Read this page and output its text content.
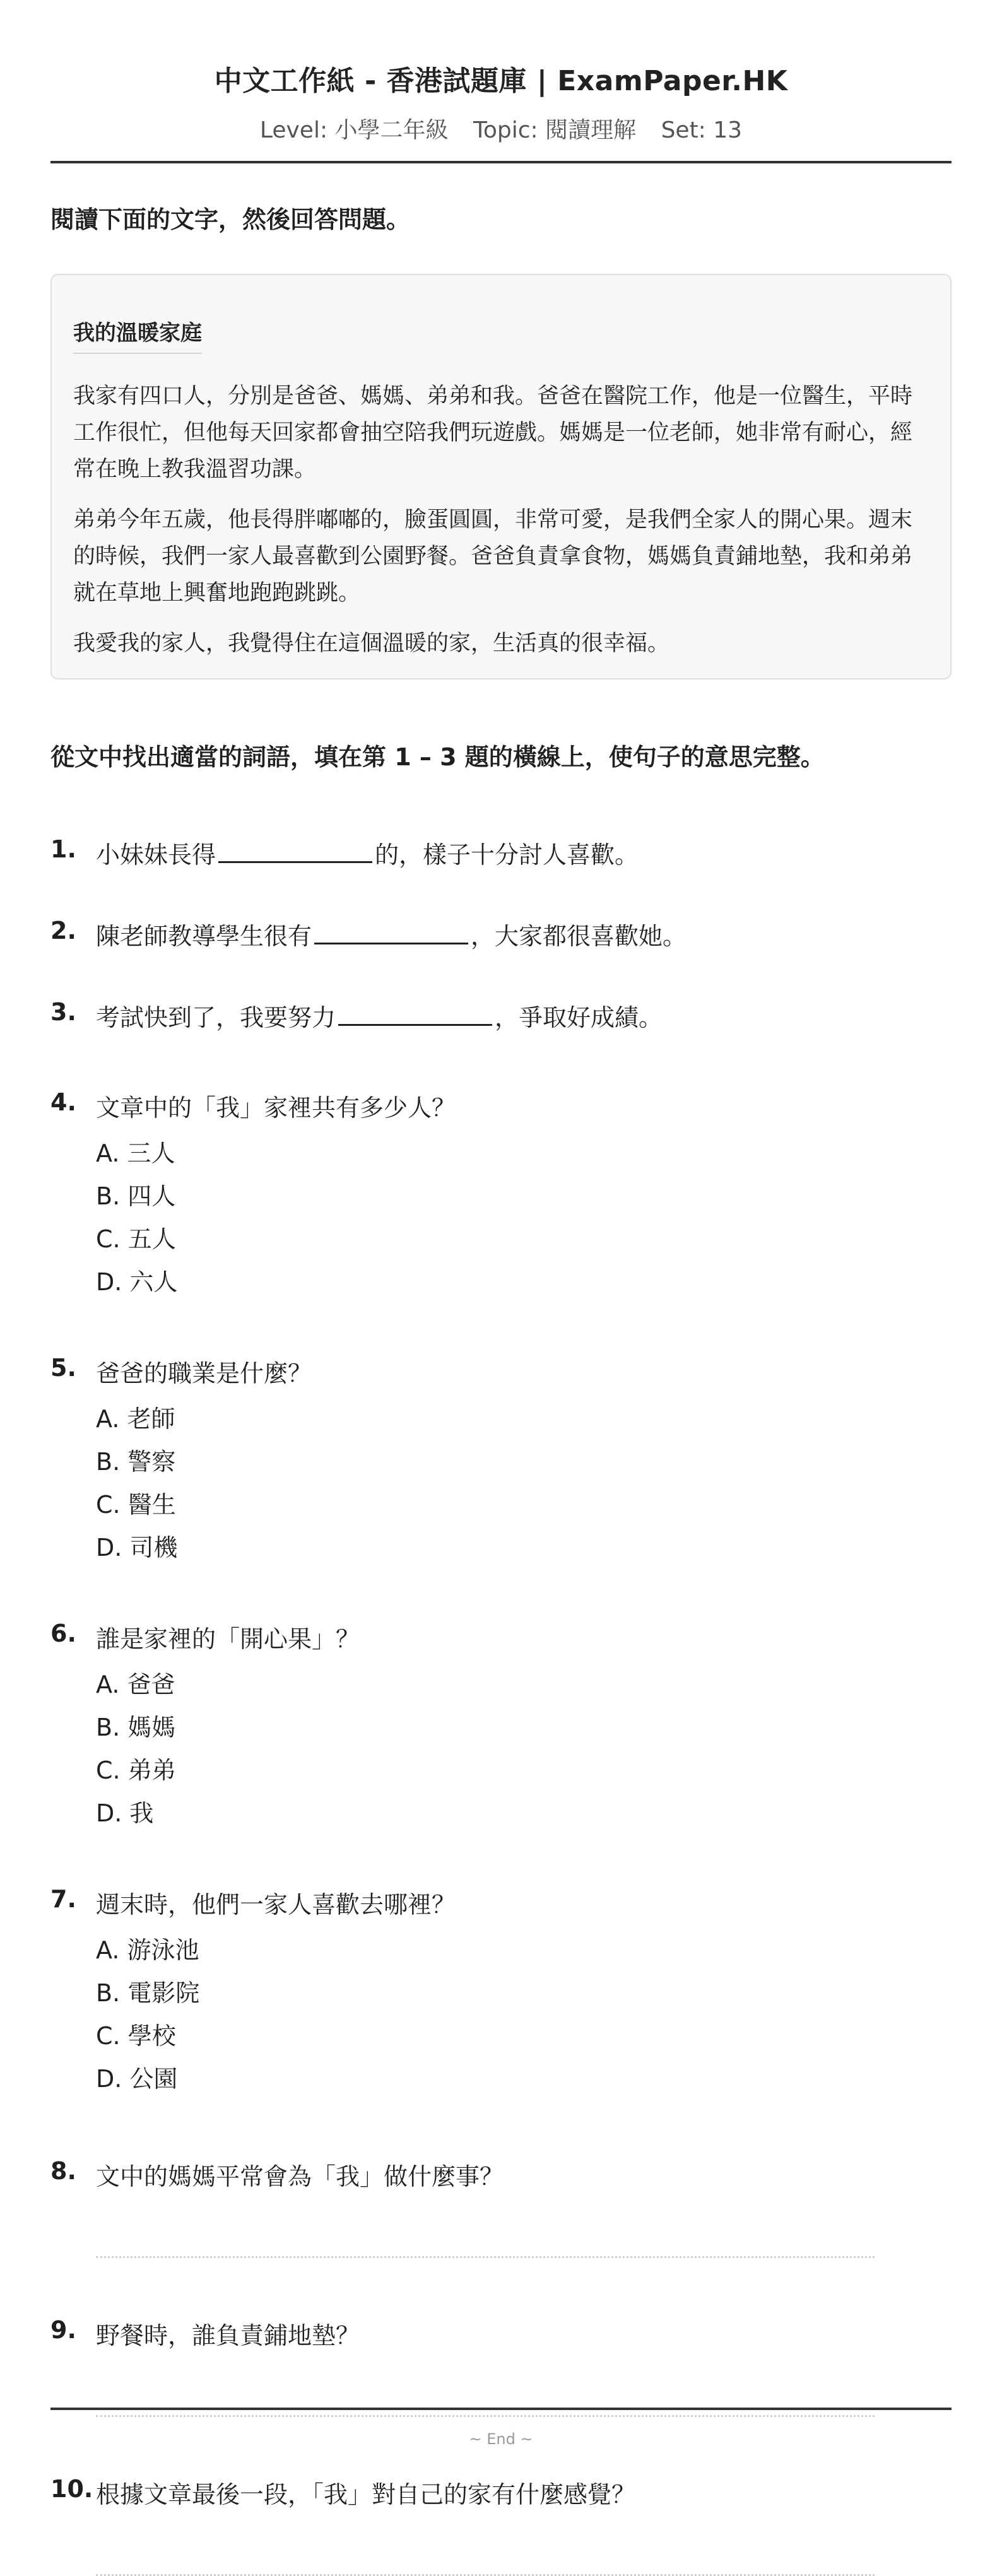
中文工作紙 - 香港試題庫 | ExamPaper.HK
Level: 小學二年級 Topic: 閱讀理解 Set: 13
閱讀下面的文字，然後回答問題。
我的溫暖家庭

我家有四口人，分別是爸爸、媽媽、弟弟和我。爸爸在醫院工作，他是一位醫生，平時工作很忙，但他每天回家都會抽空陪我們玩遊戲。媽媽是一位老師，她非常有耐心，經常在晚上教我溫習功課。

弟弟今年五歲，他長得胖嘟嘟的，臉蛋圓圓，非常可愛，是我們全家人的開心果。週末的時候，我們一家人最喜歡到公園野餐。爸爸負責拿食物，媽媽負責鋪地墊，我和弟弟就在草地上興奮地跑跑跳跳。

我愛我的家人，我覺得住在這個溫暖的家，生活真的很幸福。

從文中找出適當的詞語，填在第 1 – 3 題的橫線上，使句子的意思完整。
1. 小妹妹長得	的，樣子十分討人喜歡。
2. 陳老師教導學生很有	，大家都很喜歡她。
3. 考試快到了，我要努力	，爭取好成績。
4. 文章中的「我」家裡共有多少人？
A. 三人
B. 四人
C. 五人
D. 六人
5. 爸爸的職業是什麼？
A. 老師
B. 警察
C. 醫生
D. 司機
6. 誰是家裡的「開心果」？
A. 爸爸
B. 媽媽
C. 弟弟
D. 我
7. 週末時，他們一家人喜歡去哪裡？
A. 游泳池
B. 電影院
C. 學校
D. 公園
8. 文中的媽媽平常會為「我」做什麼事？
9. 野餐時，誰負責鋪地墊？
10. 根據文章最後一段，「我」對自己的家有什麼感覺？
~ End ~
